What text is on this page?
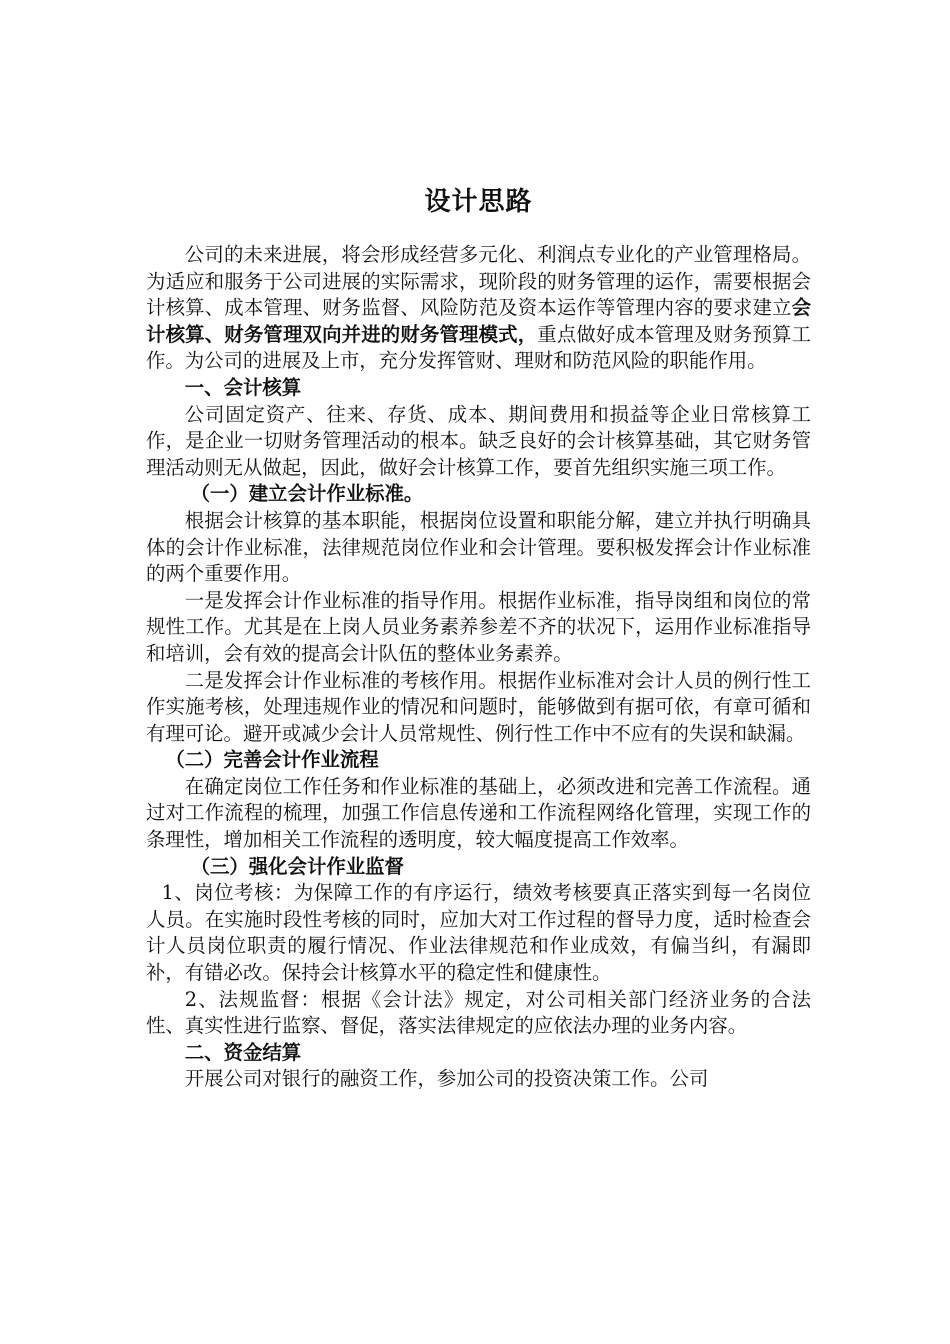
设计思路

公司的未来进展，将会形成经营多元化、利润点专业化的产业管理格局。为适应和服务于公司进展的实际需求，现阶段的财务管理的运作，需要根据会计核算、成本管理、财务监督、风险防范及资本运作等管理内容的要求建立会计核算、财务管理双向并进的财务管理模式，重点做好成本管理及财务预算工作。为公司的进展及上市，充分发挥管财、理财和防范风险的职能作用。

一、会计核算

公司固定资产、往来、存货、成本、期间费用和损益等企业日常核算工作，是企业一切财务管理活动的根本。缺乏良好的会计核算基础，其它财务管理活动则无从做起，因此，做好会计核算工作，要首先组织实施三项工作。

（一）建立会计作业标准。

根据会计核算的基本职能，根据岗位设置和职能分解，建立并执行明确具体的会计作业标准，法律规范岗位作业和会计管理。要积极发挥会计作业标准的两个重要作用。

一是发挥会计作业标准的指导作用。根据作业标准，指导岗组和岗位的常规性工作。尤其是在上岗人员业务素养参差不齐的状况下，运用作业标准指导和培训，会有效的提高会计队伍的整体业务素养。

二是发挥会计作业标准的考核作用。根据作业标准对会计人员的例行性工作实施考核，处理违规作业的情况和问题时，能够做到有据可依，有章可循和有理可论。避开或减少会计人员常规性、例行性工作中不应有的失误和缺漏。

（二）完善会计作业流程

在确定岗位工作任务和作业标准的基础上，必须改进和完善工作流程。通过对工作流程的梳理，加强工作信息传递和工作流程网络化管理，实现工作的条理性，增加相关工作流程的透明度，较大幅度提高工作效率。

（三）强化会计作业监督

1、岗位考核：为保障工作的有序运行，绩效考核要真正落实到每一名岗位人员。在实施时段性考核的同时，应加大对工作过程的督导力度，适时检查会计人员岗位职责的履行情况、作业法律规范和作业成效，有偏当纠，有漏即补，有错必改。保持会计核算水平的稳定性和健康性。

2、法规监督：根据《会计法》规定，对公司相关部门经济业务的合法性、真实性进行监察、督促，落实法律规定的应依法办理的业务内容。

二、资金结算

开展公司对银行的融资工作，参加公司的投资决策工作。公司
